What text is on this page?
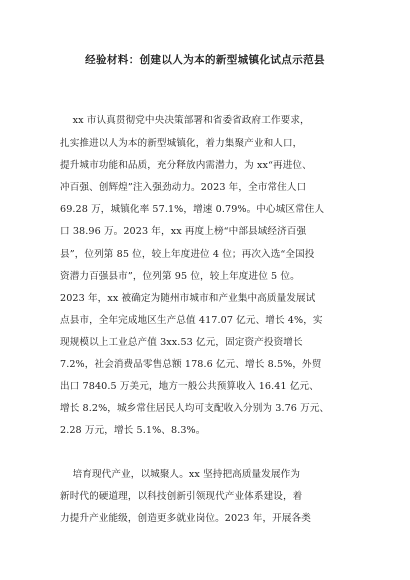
经验材料：创建以人为本的新型城镇化试点示范县
xx 市认真贯彻党中央决策部署和省委省政府工作要求，
扎实推进以人为本的新型城镇化，着力集聚产业和人口，
提升城市功能和品质，充分释放内需潜力，为 xx“再进位、
冲百强、创辉煌”注入强劲动力。2023 年，全市常住人口
69.28 万，城镇化率 57.1%，增速 0.79%。中心城区常住人
口 38.96 万。2023 年，xx 再度上榜“中部县域经济百强
县”，位列第 85 位，较上年度进位 4 位；再次入选“全国投
资潜力百强县市”，位列第 95 位，较上年度进位 5 位。
2023 年，xx 被确定为随州市城市和产业集中高质量发展试
点县市，全年完成地区生产总值 417.07 亿元、增长 4%，实
现规模以上工业总产值 3xx.53 亿元，固定资产投资增长
7.2%，社会消费品零售总额 178.6 亿元、增长 8.5%，外贸
出口 7840.5 万美元，地方一般公共预算收入 16.41 亿元、
增长 8.2%，城乡常住居民人均可支配收入分别为 3.76 万元、
2.28 万元，增长 5.1%、8.3%。
培育现代产业，以城聚人。xx 坚持把高质量发展作为
新时代的硬道理，以科技创新引领现代产业体系建设，着
力提升产业能级，创造更多就业岗位。2023 年，开展各类
